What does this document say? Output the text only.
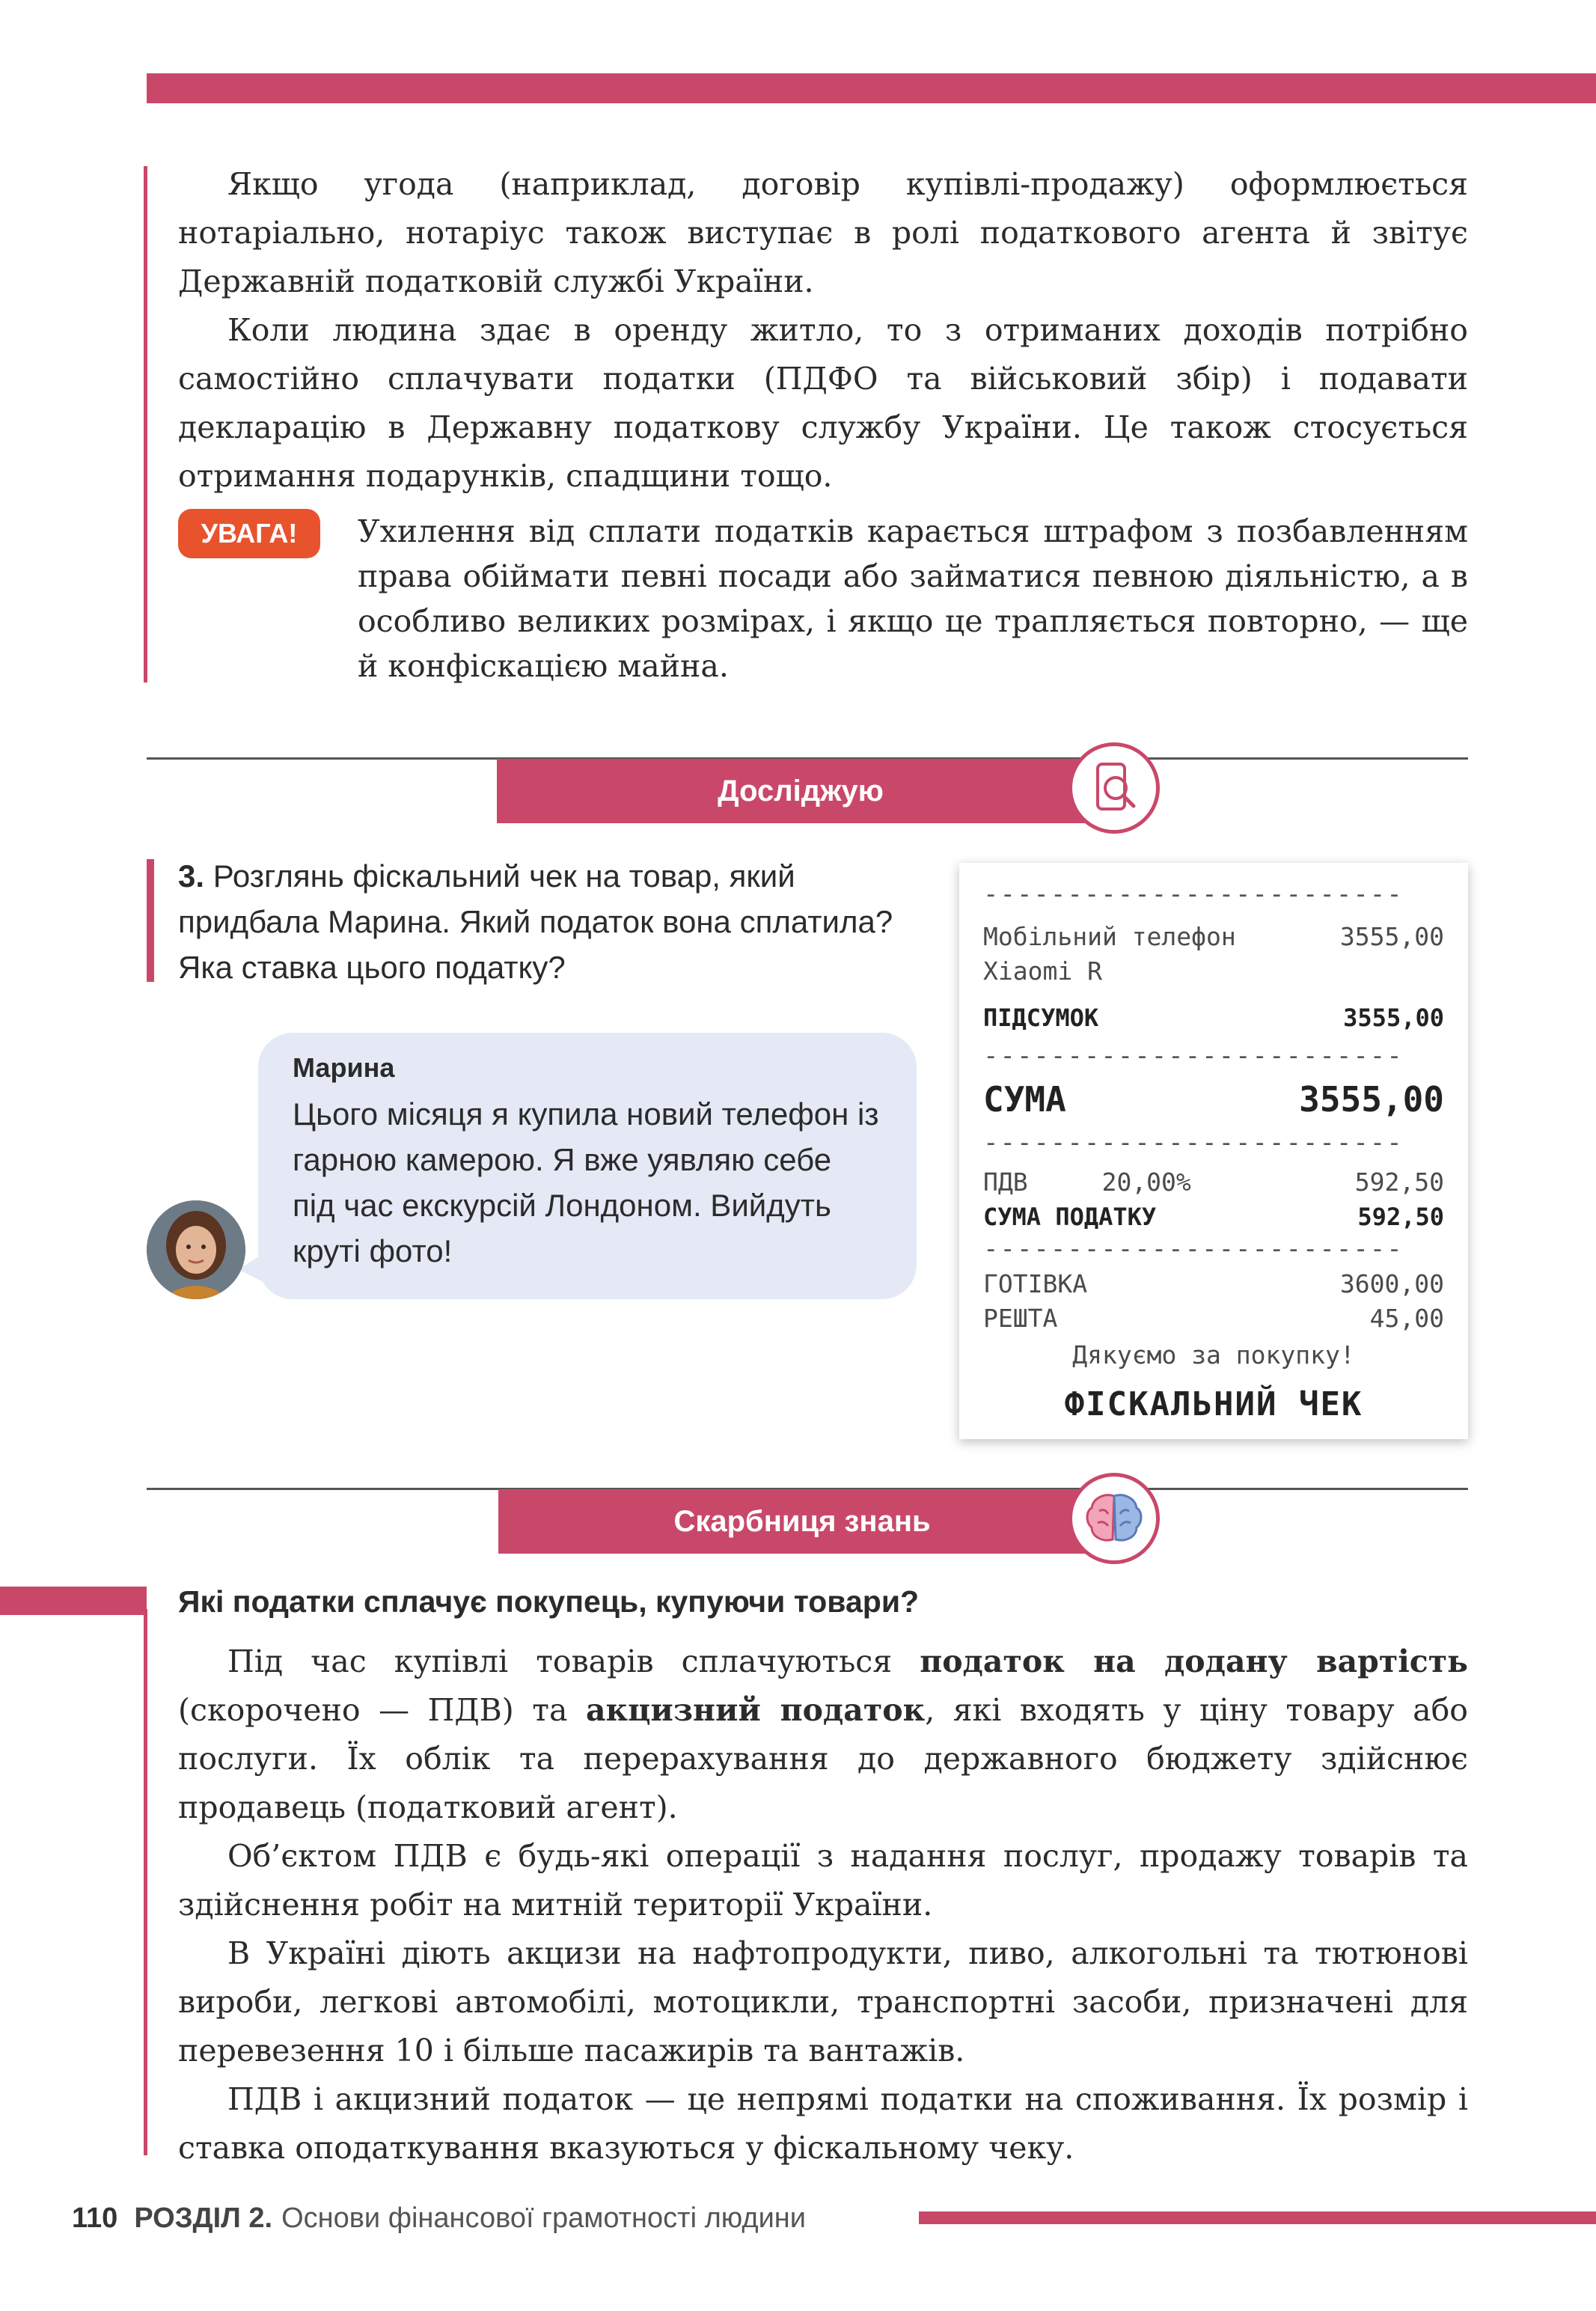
Якщо угода (наприклад, договір купівлі-продажу) оформлюється нотаріально, нотаріус також виступає в ролі податкового агента й звітує Державній податковій службі України.

Коли людина здає в оренду житло, то з отриманих доходів потрібно самостійно сплачувати податки (ПДФО та військовий збір) і подавати декларацію в Державну податкову службу України. Це також стосується отримання подарунків, спадщини тощо.

УВАГА!	Ухилення від сплати податків карається штрафом з позбавленням права обіймати певні посади або займатися певною діяльністю, а в особливо великих розмірах, і якщо це трапляється повторно, — ще й конфіскацією майна.

Досліджую

3. Розглянь фіскальний чек на товар, який придбала Марина. Який податок вона сплатила? Яка ставка цього податку?

Марина

Цього місяця я купила новий телефон із гарною камерою. Я вже уявляю себе під час екскурсій Лондоном. Вийдуть круті фото!

-------------------------
Мобільний телефон	3555,00
Xiaomi R
ПІДСУМОК	3555,00
-------------------------
СУМА	3555,00
-------------------------
ПДВ	20,00%	592,50
СУМА ПОДАТКУ	592,50
-------------------------
ГОТІВКА	3600,00
РЕШТА	45,00
Дякуємо за покупку!
ФІСКАЛЬНИЙ ЧЕК
Скарбниця знань

Які податки сплачує покупець, купуючи товари?

Під час купівлі товарів сплачуються податок на додану вартість (скорочено — ПДВ) та акцизний податок, які входять у ціну товару або послуги. Їх облік та перерахування до державного бюджету здійснює продавець (податковий агент).

Об’єктом ПДВ є будь-які операції з надання послуг, продажу товарів та здійснення робіт на митній території України.

В Україні діють акцизи на нафтопродукти, пиво, алкогольні та тютюнові вироби, легкові автомобілі, мотоцикли, транспортні засоби, призначені для перевезення 10 і більше пасажирів та вантажів.

ПДВ і акцизний податок — це непрямі податки на споживання. Їх розмір і ставка оподаткування вказуються у фіскальному чеку.

110 РОЗДІЛ 2. Основи фінансової грамотності людини
